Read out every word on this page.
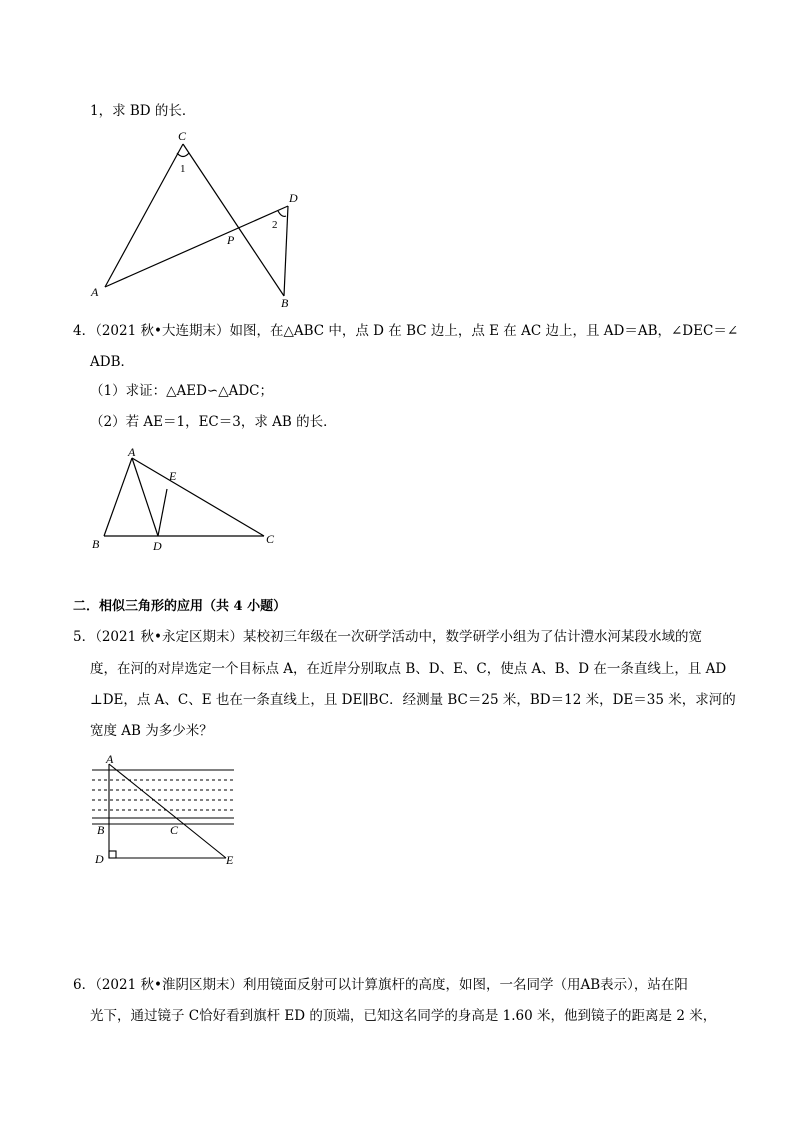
1，求 BD 的长．
C
1
D
2
P
A
B
4．（2021 秋•大连期末）如图，在△ABC 中，点 D 在 BC 边上，点 E 在 AC 边上，且 AD＝AB，∠DEC＝∠
ADB．
（1）求证：△AED∽△ADC；
（2）若 AE＝1，EC＝3，求 AB 的长．
A
E
B	D	C
二．相似三角形的应用（共 4 小题）
5．（2021 秋•永定区期末）某校初三年级在一次研学活动中，数学研学小组为了估计澧水河某段水域的宽
度，在河的对岸选定一个目标点 A，在近岸分别取点 B、D、E、C，使点 A、B、D 在一条直线上，且 AD
⊥DE，点 A、C、E 也在一条直线上，且 DE∥BC．经测量 BC＝25 米，BD＝12 米，DE＝35 米，求河的
宽度 AB 为多少米？
A
B	C
D	E
6．（2021 秋•淮阴区期末）利用镜面反射可以计算旗杆的高度，如图，一名同学（用AB表示），站在阳
光下，通过镜子 C恰好看到旗杆 ED 的顶端，已知这名同学的身高是 1.60 米，他到镜子的距离是 2 米，
